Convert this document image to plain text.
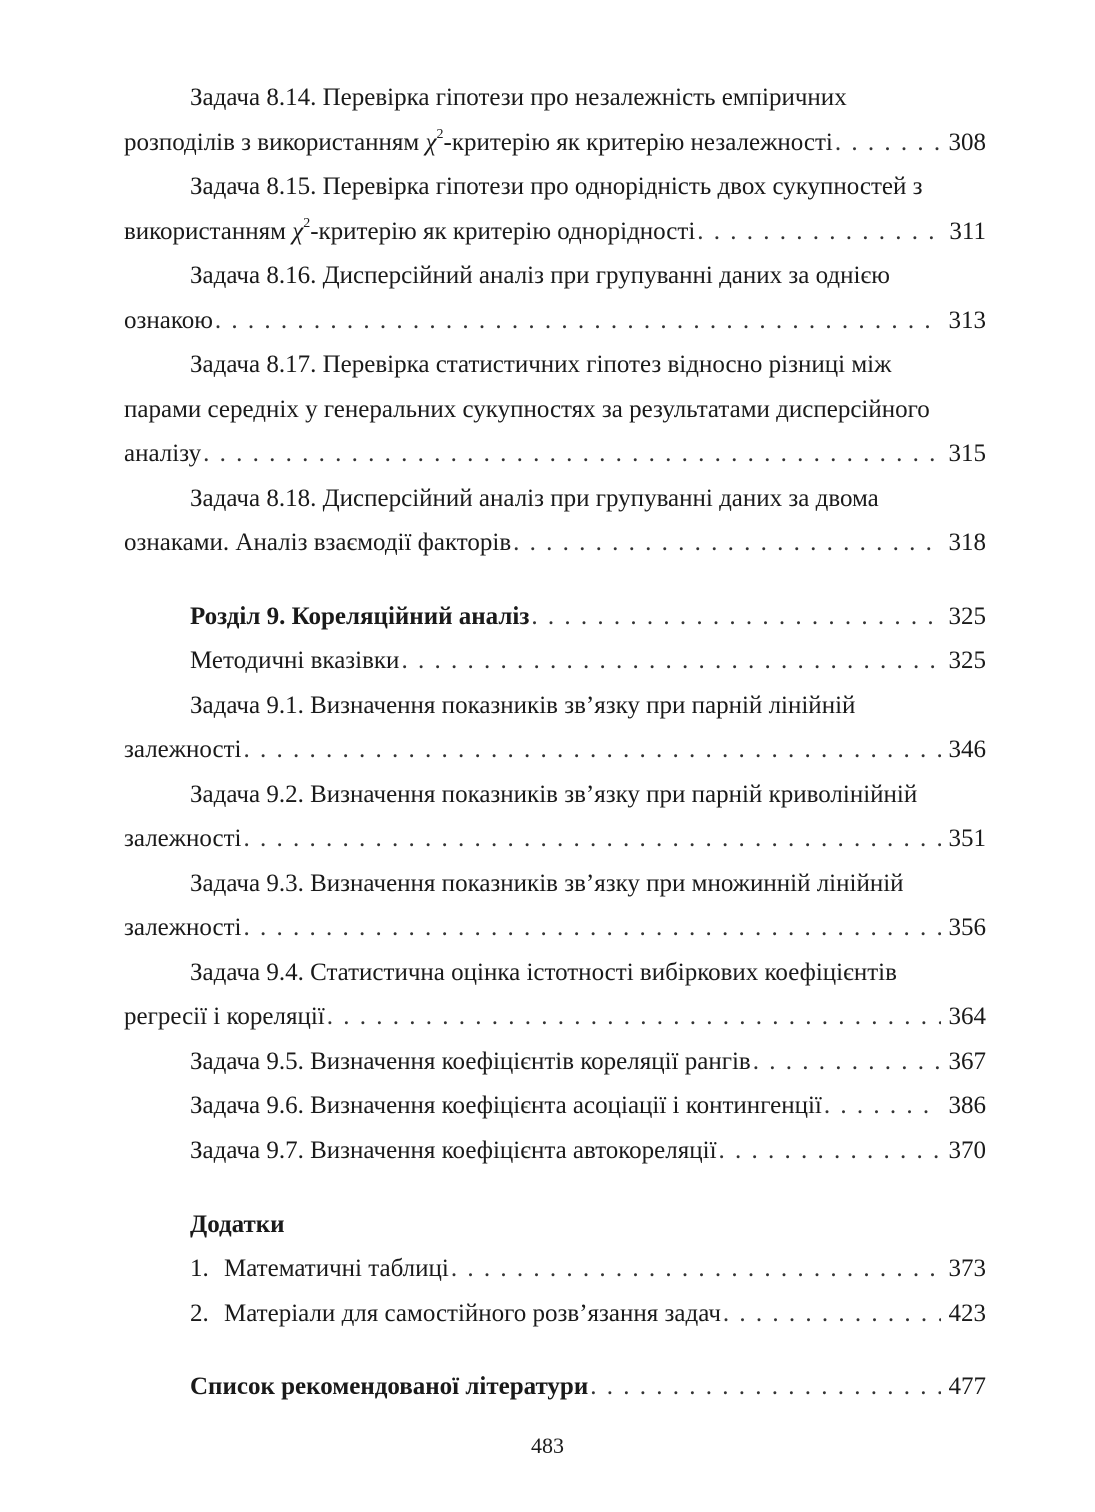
Задача 8.14. Перевірка гіпотези про незалежність емпіричних
розподілів з використанням $\chi^2$-критерію як критерію незалежності . . .	308
Задача 8.15. Перевірка гіпотези про однорідність двох сукупностей з
використанням $\chi^2$-критерію як критерію однорідності . . .	311
Задача 8.16. Дисперсійний аналіз при групуванні даних за однією
ознакою . . .	313
Задача 8.17. Перевірка статистичних гіпотез відносно різниці між
парами середніх у генеральних сукупностях за результатами дисперсійного
аналізу . . .	315
Задача 8.18. Дисперсійний аналіз при групуванні даних за двома
ознаками. Аналіз взаємодії факторів . . .	318
Розділ 9. Кореляційний аналіз . . .	325
Методичні вказівки . . .	325
Задача 9.1. Визначення показників зв’язку при парній лінійній
залежності . . .	346
Задача 9.2. Визначення показників зв’язку при парній криволінійній
залежності . . .	351
Задача 9.3. Визначення показників зв’язку при множинній лінійній
залежності . . .	356
Задача 9.4. Статистична оцінка істотності вибіркових коефіцієнтів
регресії і кореляції . . .	364
Задача 9.5. Визначення коефіцієнтів кореляції рангів . . .	367
Задача 9.6. Визначення коефіцієнта асоціації і контингенції . . .	386
Задача 9.7. Визначення коефіцієнта автокореляції . . .	370
Додатки
1. Математичні таблиці . . .	373
2. Матеріали для самостійного розв’язання задач . . .	423
Список рекомендованої літератури . . .	477
483
